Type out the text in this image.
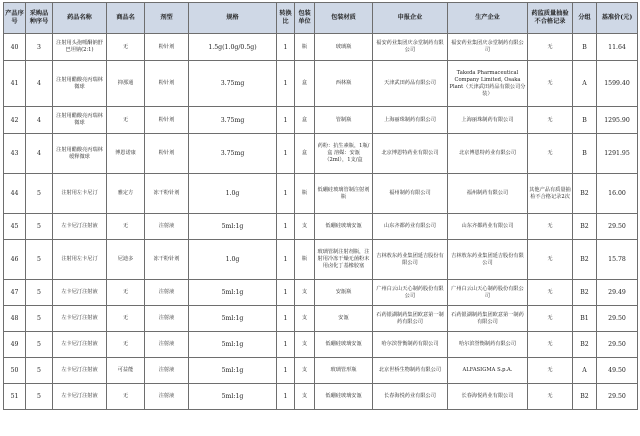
产品序号	采购品种序号	药品名称	商品名	剂型	规格	转换比	包装单位	包装材质	申报企业	生产企业	药监质量抽验不合格记录	分组	基准价(元)
40	3	注射用头孢哌酮钠舒巴坦钠(2:1)	无	粉针剂	1.5g(1.0g/0.5g)	1	瓶	玻璃瓶	福安药业集团庆余堂制药有限公司	福安药业集团庆余堂制药有限公司	无	B	11.64
41	4	注射用醋酸亮丙瑞林微球	抑那通	粉针剂	3.75mg	1	盒	西林瓶	天津武田药品有限公司	Takeda Pharmaceutical Company Limited, Osaka Plant（天津武田药品有限公司分装）	无	A	1599.40
42	4	注射用醋酸亮丙瑞林微球	无	粉针剂	3.75mg	1	盒	管制瓶	上海丽珠制药有限公司	上海丽珠制药有限公司	无	B	1295.90
43	4	注射用醋酸亮丙瑞林缓释微球	博恩诺康	粉针剂	3.75mg	1	盒	药粉：抗生素瓶，1瓶/盒 溶媒：安瓿（2ml），1支/盒	北京博恩特药业有限公司	北京博恩特药业有限公司	无	B	1291.95
44	5	注射用左卡尼汀	雅定方	冻干粉针剂	1.0g	1	瓶	低硼硅玻璃管制注射剂瓶	福州制药有限公司	福州制药有限公司	其他产品有质量抽检不合格记录2次	B2	16.00
45	5	左卡尼汀注射液	无	注射液	5ml:1g	1	支	低硼硅玻璃安瓿	山东齐都药业有限公司	山东齐都药业有限公司	无	B2	29.50
46	5	注射用左卡尼汀	尼迪多	冻干粉针剂	1.0g	1	瓶	玻璃管制注射剂瓶，注射用冷冻干燥无菌粉末用卤化丁基橡胶塞	吉林敖东药业集团延吉股份有限公司	吉林敖东药业集团延吉股份有限公司	无	B2	15.78
47	5	左卡尼汀注射液	无	注射液	5ml:1g	1	支	安瓿瓶	广州白云山天心制药股份有限公司	广州白云山天心制药股份有限公司	无	B2	29.49
48	5	左卡尼汀注射液	无	注射液	5ml:1g	1	支	安瓿	石药银湖制药集团欧意第一制药有限公司	石药银湖制药集团欧意第一制药有限公司	无	B1	29.50
49	5	左卡尼汀注射液	无	注射液	5ml:1g	1	支	低硼硅玻璃安瓿	哈尔滨誉衡制药有限公司	哈尔滨誉衡制药有限公司	无	B2	29.50
50	5	左卡尼汀注射液	可益能	注射液	5ml:1g	1	支	玻璃管形瓶	北京世桥生物制药有限公司	ALFASIGMA S.p.A.	无	A	49.50
51	5	左卡尼汀注射液	无	注射液	5ml:1g	1	支	低硼硅玻璃安瓿	长春海悦药业有限公司	长春海悦药业有限公司	无	B2	29.50
